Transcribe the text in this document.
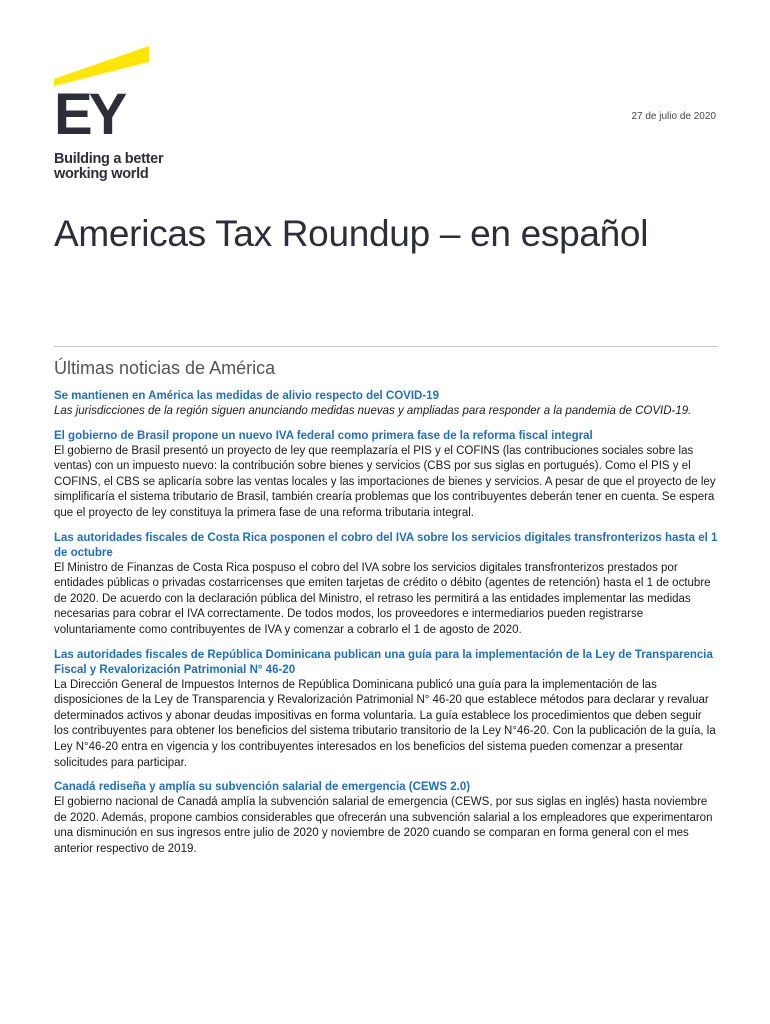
EY
Building a better
working world
27 de julio de 2020
Americas Tax Roundup – en español
Últimas noticias de América
Se mantienen en América las medidas de alivio respecto del COVID-19

Las jurisdicciones de la región siguen anunciando medidas nuevas y ampliadas para responder a la pandemia de COVID-19.

El gobierno de Brasil propone un nuevo IVA federal como primera fase de la reforma fiscal integral

El gobierno de Brasil presentó un proyecto de ley que reemplazaría el PIS y el COFINS (las contribuciones sociales sobre las ventas) con un impuesto nuevo: la contribución sobre bienes y servicios (CBS por sus siglas en portugués). Como el PIS y el COFINS, el CBS se aplicaría sobre las ventas locales y las importaciones de bienes y servicios. A pesar de que el proyecto de ley simplificaría el sistema tributario de Brasil, también crearía problemas que los contribuyentes deberán tener en cuenta. Se espera que el proyecto de ley constituya la primera fase de una reforma tributaria integral.

Las autoridades fiscales de Costa Rica posponen el cobro del IVA sobre los servicios digitales transfronterizos hasta el 1 de octubre

El Ministro de Finanzas de Costa Rica pospuso el cobro del IVA sobre los servicios digitales transfronterizos prestados por entidades públicas o privadas costarricenses que emiten tarjetas de crédito o débito (agentes de retención) hasta el 1 de octubre de 2020. De acuerdo con la declaración pública del Ministro, el retraso les permitirá a las entidades implementar las medidas necesarias para cobrar el IVA correctamente. De todos modos, los proveedores e intermediarios pueden registrarse voluntariamente como contribuyentes de IVA y comenzar a cobrarlo el 1 de agosto de 2020.

Las autoridades fiscales de República Dominicana publican una guía para la implementación de la Ley de Transparencia Fiscal y Revalorización Patrimonial N° 46-20

La Dirección General de Impuestos Internos de República Dominicana publicó una guía para la implementación de las disposiciones de la Ley de Transparencia y Revalorización Patrimonial N° 46-20 que establece métodos para declarar y revaluar determinados activos y abonar deudas impositivas en forma voluntaria. La guía establece los procedimientos que deben seguir los contribuyentes para obtener los beneficios del sistema tributario transitorio de la Ley N°46-20. Con la publicación de la guía, la Ley N°46-20 entra en vigencia y los contribuyentes interesados en los beneficios del sistema pueden comenzar a presentar solicitudes para participar.

Canadá rediseña y amplía su subvención salarial de emergencia (CEWS 2.0)

El gobierno nacional de Canadá amplía la subvención salarial de emergencia (CEWS, por sus siglas en inglés) hasta noviembre de 2020. Además, propone cambios considerables que ofrecerán una subvención salarial a los empleadores que experimentaron una disminución en sus ingresos entre julio de 2020 y noviembre de 2020 cuando se comparan en forma general con el mes anterior respectivo de 2019.
